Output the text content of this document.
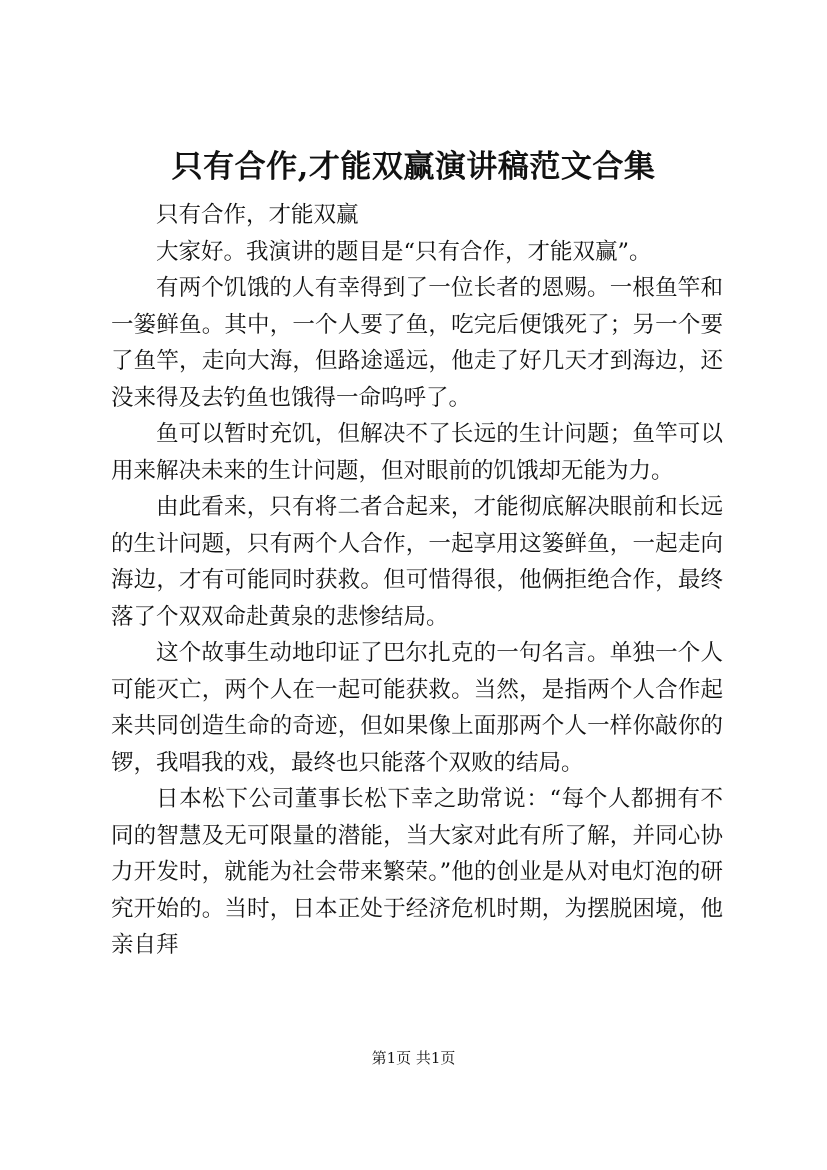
只有合作,才能双赢演讲稿范文合集

只有合作，才能双赢

大家好。我演讲的题目是“只有合作，才能双赢”。

有两个饥饿的人有幸得到了一位长者的恩赐。一根鱼竿和一篓鲜鱼。其中，一个人要了鱼，吃完后便饿死了；另一个要了鱼竿，走向大海，但路途遥远，他走了好几天才到海边，还没来得及去钓鱼也饿得一命呜呼了。

鱼可以暂时充饥，但解决不了长远的生计问题；鱼竿可以用来解决未来的生计问题，但对眼前的饥饿却无能为力。

由此看来，只有将二者合起来，才能彻底解决眼前和长远的生计问题，只有两个人合作，一起享用这篓鲜鱼，一起走向海边，才有可能同时获救。但可惜得很，他俩拒绝合作，最终落了个双双命赴黄泉的悲惨结局。

这个故事生动地印证了巴尔扎克的一句名言。单独一个人可能灭亡，两个人在一起可能获救。当然，是指两个人合作起来共同创造生命的奇迹，但如果像上面那两个人一样你敲你的锣，我唱我的戏，最终也只能落个双败的结局。

日本松下公司董事长松下幸之助常说：“每个人都拥有不同的智慧及无可限量的潜能，当大家对此有所了解，并同心协力开发时，就能为社会带来繁荣。”他的创业是从对电灯泡的研究开始的。当时，日本正处于经济危机时期，为摆脱困境，他亲自拜

第1页 共1页
